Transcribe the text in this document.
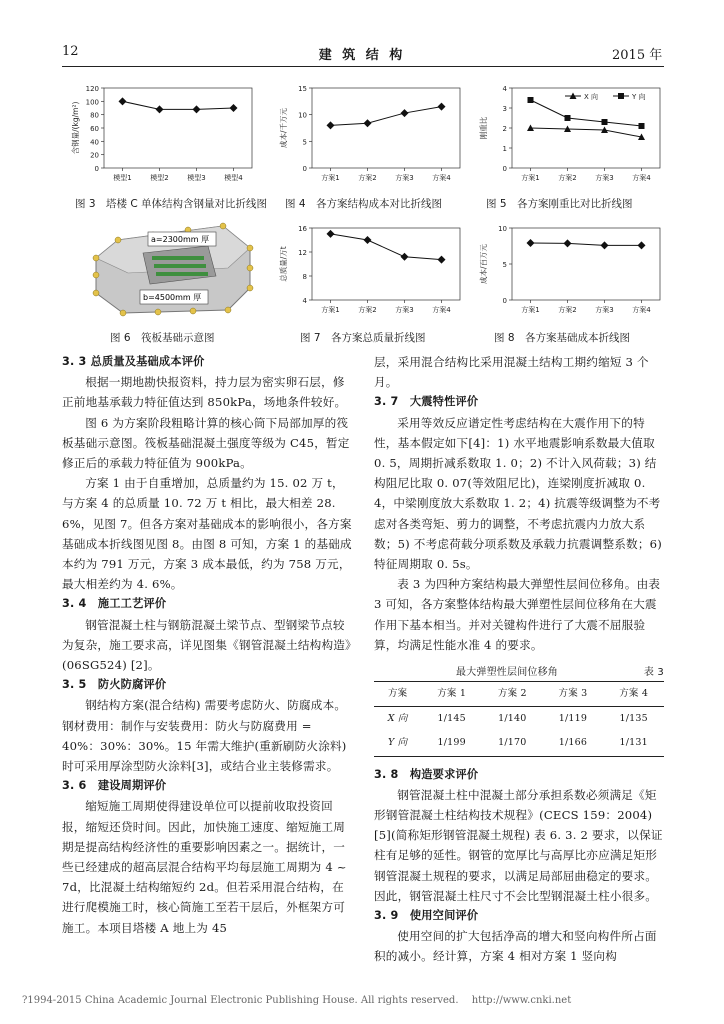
12	建 筑 结 构	2015 年
0
20
40
60
80
100
120
模型1	模型2	模型3	模型4
含钢量/(kg/m²)
0
5
10
15
方案1	方案2	方案3	方案4
成本/千万元
0
1
2
3
4
方案1	方案2	方案3	方案4
刚重比
X 向	Y 向
4
8
12
16
方案1	方案2	方案3	方案4
总质量/万t
0
5
10
方案1	方案2	方案3	方案4
成本/百万元
a=2300mm 厚
b=4500mm 厚
图 3　塔楼 C 单体结构含钢量对比折线图 图 4　各方案结构成本对比折线图	图 5　各方案刚重比对比折线图
图 6　筏板基础示意图	图 7　各方案总质量折线图	图 8　各方案基础成本折线图

3. 3 总质量及基础成本评价

根据一期地勘快报资料，持力层为密实卵石层，修正前地基承载力特征值达到 850kPa，场地条件较好。

图 6 为方案阶段粗略计算的核心筒下局部加厚的筏板基础示意图。筏板基础混凝土强度等级为 C45，暂定修正后的承载力特征值为 900kPa。

方案 1 由于自重增加，总质量约为 15. 02 万 t，与方案 4 的总质量 10. 72 万 t 相比，最大相差 28. 6%，见图 7。但各方案对基础成本的影响很小，各方案基础成本折线图见图 8。由图 8 可知，方案 1 的基础成本约为 791 万元，方案 3 成本最低，约为 758 万元，最大相差约为 4. 6%。

3. 4　施工工艺评价

钢管混凝土柱与钢筋混凝土梁节点、型钢梁节点较为复杂，施工要求高，详见图集《钢管混凝土结构构造》(06SG524) [2]。

3. 5　防火防腐评价

钢结构方案(混合结构) 需要考虑防火、防腐成本。钢材费用：制作与安装费用：防火与防腐费用 = 40%：30%：30%。15 年需大维护(重新刷防火涂料) 时可采用厚涂型防火涂料[3]，或结合业主装修需求。

3. 6　建设周期评价

缩短施工周期使得建设单位可以提前收取投资回报，缩短还贷时间。因此，加快施工速度、缩短施工周期是提高结构经济性的重要影响因素之一。据统计，一些已经建成的超高层混合结构平均每层施工周期为 4 ~ 7d，比混凝土结构缩短约 2d。但若采用混合结构，在进行爬模施工时，核心筒施工至若干层后，外框架方可施工。本项目塔楼 A 地上为 45

层，采用混合结构比采用混凝土结构工期约缩短 3 个月。

3. 7　大震特性评价

采用等效反应谱定性考虑结构在大震作用下的特性，基本假定如下[4]：1) 水平地震影响系数最大值取 0. 5，周期折减系数取 1. 0；2) 不计入风荷载；3) 结构阻尼比取 0. 07(等效阻尼比)，连梁刚度折减取 0. 4，中梁刚度放大系数取 1. 2；4) 抗震等级调整为不考虑对各类弯矩、剪力的调整，不考虑抗震内力放大系数；5) 不考虑荷载分项系数及承载力抗震调整系数；6) 特征周期取 0. 5s。

表 3 为四种方案结构最大弹塑性层间位移角。由表 3 可知，各方案整体结构最大弹塑性层间位移角在大震作用下基本相当。并对关键构件进行了大震不屈服验算，均满足性能水准 4 的要求。

最大弹塑性层间位移角	表 3
方案	方案 1	方案 2	方案 3	方案 4
X 向	1/145	1/140	1/119	1/135
Y 向	1/199	1/170	1/166	1/131

3. 8　构造要求评价

钢管混凝土柱中混凝土部分承担系数必须满足《矩形钢管混凝土柱结构技术规程》(CECS 159：2004) [5](简称矩形钢管混凝土规程) 表 6. 3. 2 要求，以保证柱有足够的延性。钢管的宽厚比与高厚比亦应满足矩形钢管混凝土规程的要求，以满足局部屈曲稳定的要求。因此，钢管混凝土柱尺寸不会比型钢混凝土柱小很多。

3. 9　使用空间评价

使用空间的扩大包括净高的增大和竖向构件所占面积的减小。经计算，方案 4 相对方案 1 竖向构

?1994-2015 China Academic Journal Electronic Publishing House. All rights reserved. http://www.cnki.net
